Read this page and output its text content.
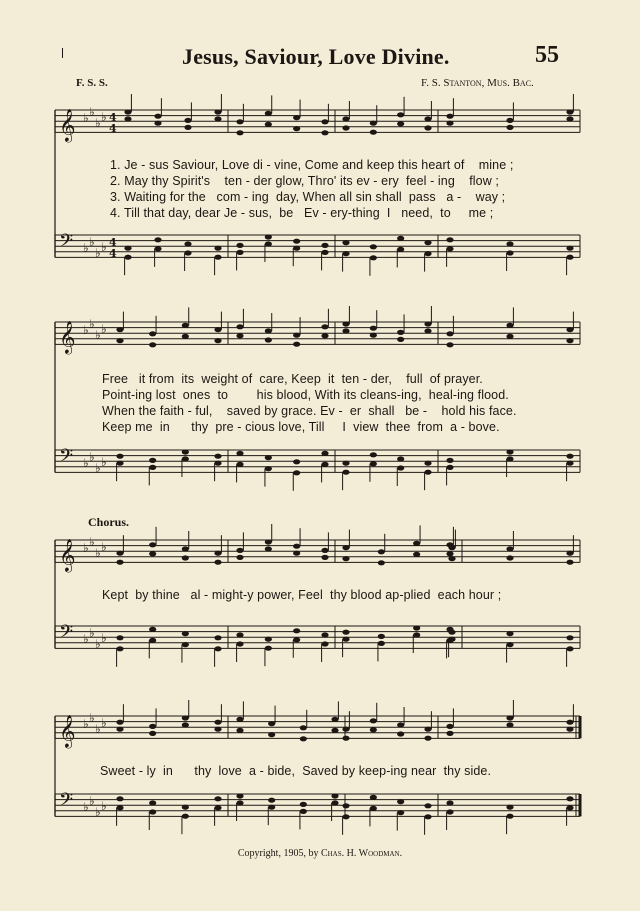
Jesus, Saviour, Love Divine.	55
F. S. S.	F. S. Stanton, Mus. Bac.
𝄞 ♭ ♭
♭ ♭ 4
4
𝄢 ♭ ♭
♭ ♭ 4
4
𝄞 ♭ ♭
♭ ♭
𝄢 ♭ ♭
♭ ♭
𝄞 ♭ ♭
♭ ♭
𝄢 ♭ ♭
♭ ♭
𝄞 ♭ ♭
♭ ♭
𝄢 ♭ ♭
♭ ♭
1. Je - sus Saviour, Love di - vine, Come and keep this heart of    mine ;
2. May thy Spirit's    ten - der glow, Thro' its ev - ery  feel - ing    flow ;
3. Waiting for the   com - ing  day, When all sin shall  pass   a -    way ;
4. Till that day, dear Je - sus,  be   Ev - ery-thing  I   need,  to     me ;
Free   it from  its  weight of  care, Keep  it  ten - der,    full  of prayer.
Point-ing lost  ones  to        his blood, With its cleans-ing,  heal-ing flood.
When the faith - ful,    saved by grace. Ev -  er  shall   be -    hold his face.
Keep me  in      thy  pre - cious love, Till     I  view  thee  from  a - bove.
Chorus.
Kept  by thine   al - might-y power, Feel  thy blood ap-plied  each hour ;
Sweet - ly  in      thy  love  a - bide,  Saved by keep-ing near  thy side.
Copyright, 1905, by Chas. H. Woodman.
